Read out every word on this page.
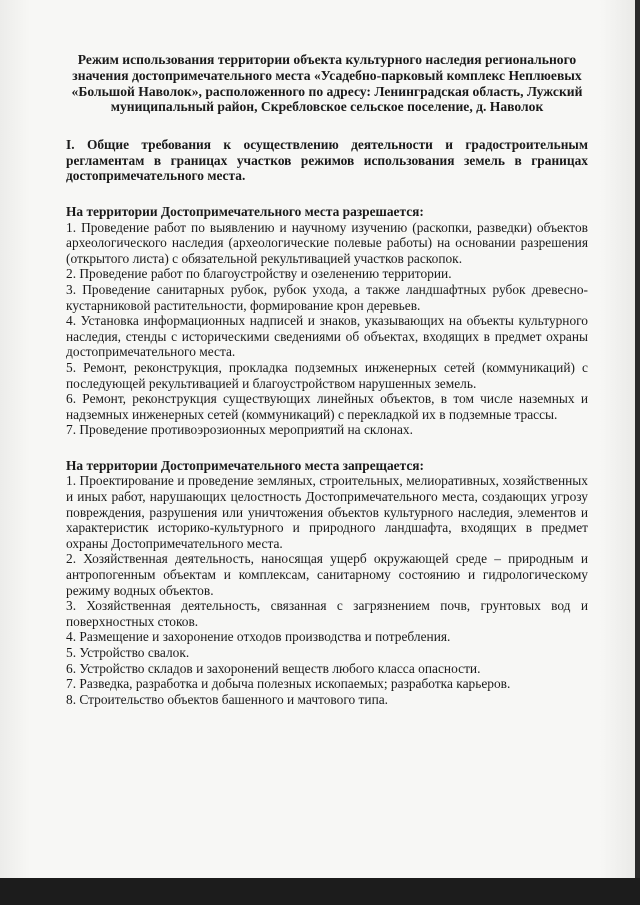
Режим использования территории объекта культурного наследия регионального значения достопримечательного места «Усадебно-парковый комплекс Неплюевых «Большой Наволок», расположенного по адресу: Ленинградская область, Лужский муниципальный район, Скребловское сельское поселение, д. Наволок
I. Общие требования к осуществлению деятельности и градостроительным регламентам в границах участков режимов использования земель в границах достопримечательного места.
На территории Достопримечательного места разрешается:
1. Проведение работ по выявлению и научному изучению (раскопки, разведки) объектов археологического наследия (археологические полевые работы) на основании разрешения (открытого листа) с обязательной рекультивацией участков раскопок.
2. Проведение работ по благоустройству и озеленению территории.
3. Проведение санитарных рубок, рубок ухода, а также ландшафтных рубок древесно-кустарниковой растительности, формирование крон деревьев.
4. Установка информационных надписей и знаков, указывающих на объекты культурного наследия, стенды с историческими сведениями об объектах, входящих в предмет охраны достопримечательного места.
5. Ремонт, реконструкция, прокладка подземных инженерных сетей (коммуникаций) с последующей рекультивацией и благоустройством нарушенных земель.
6. Ремонт, реконструкция существующих линейных объектов, в том числе наземных и надземных инженерных сетей (коммуникаций) с перекладкой их в подземные трассы.
7. Проведение противоэрозионных мероприятий на склонах.
На территории Достопримечательного места запрещается:
1. Проектирование и проведение земляных, строительных, мелиоративных, хозяйственных и иных работ, нарушающих целостность Достопримечательного места, создающих угрозу повреждения, разрушения или уничтожения объектов культурного наследия, элементов и характеристик историко-культурного и природного ландшафта, входящих в предмет охраны Достопримечательного места.
2. Хозяйственная деятельность, наносящая ущерб окружающей среде – природным и антропогенным объектам и комплексам, санитарному состоянию и гидрологическому режиму водных объектов.
3. Хозяйственная деятельность, связанная с загрязнением почв, грунтовых вод и поверхностных стоков.
4. Размещение и захоронение отходов производства и потребления.
5. Устройство свалок.
6. Устройство складов и захоронений веществ любого класса опасности.
7. Разведка, разработка и добыча полезных ископаемых; разработка карьеров.
8. Строительство объектов башенного и мачтового типа.
